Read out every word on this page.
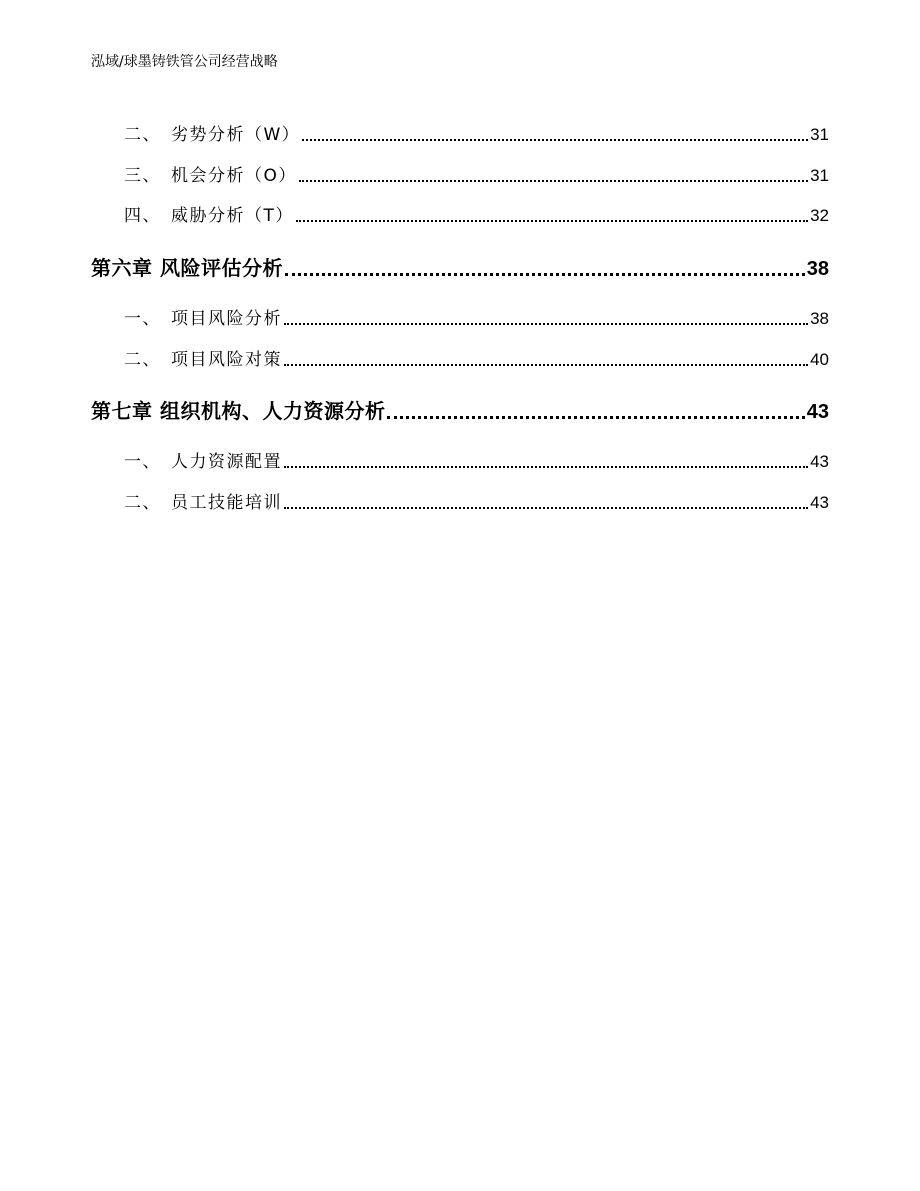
泓域/球墨铸铁管公司经营战略
二、 劣势分析（W）	31
三、 机会分析（O）	31
四、 威胁分析（T）	32
第六章 风险评估分析	38
一、 项目风险分析	38
二、 项目风险对策	40
第七章 组织机构、人力资源分析	43
一、 人力资源配置	43
二、 员工技能培训	43
